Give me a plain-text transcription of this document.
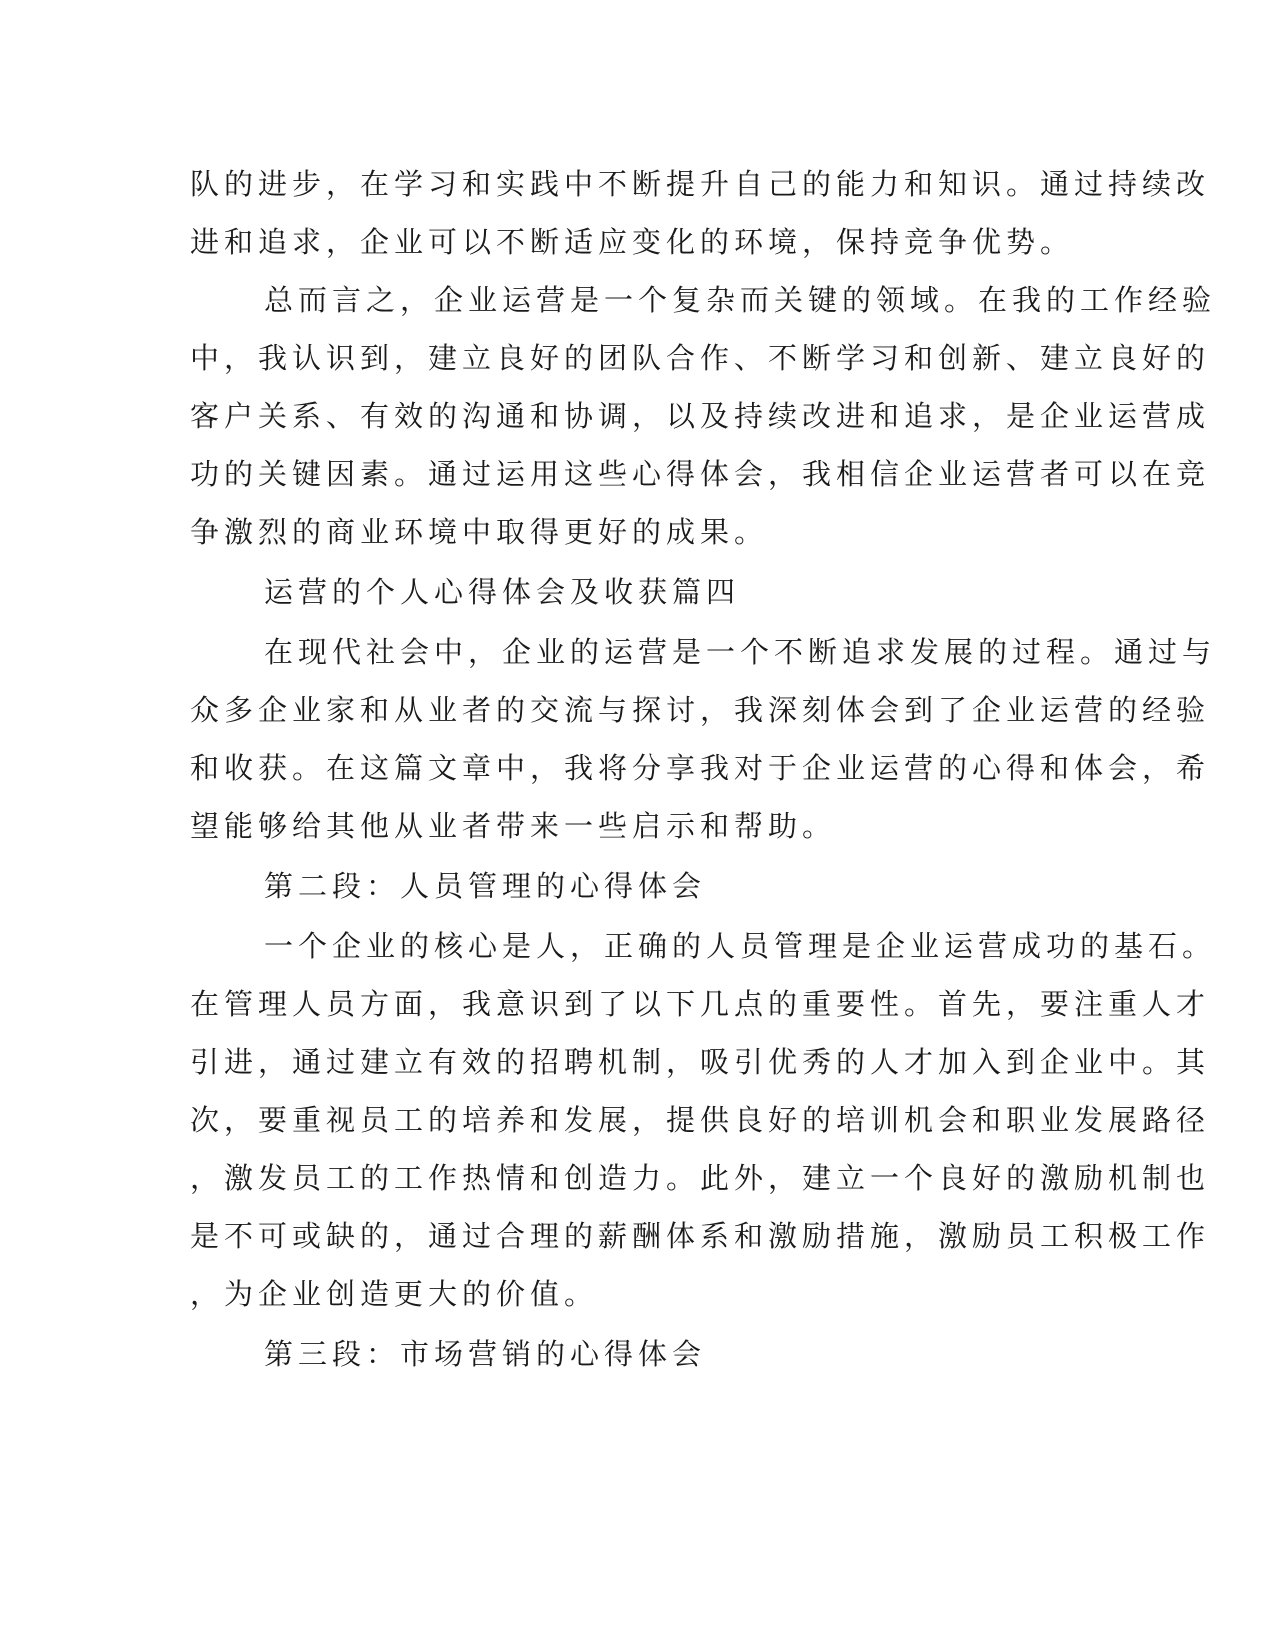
队的进步，在学习和实践中不断提升自己的能力和知识。通过持续改
进和追求，企业可以不断适应变化的环境，保持竞争优势。
总而言之，企业运营是一个复杂而关键的领域。在我的工作经验
中，我认识到，建立良好的团队合作、不断学习和创新、建立良好的
客户关系、有效的沟通和协调，以及持续改进和追求，是企业运营成
功的关键因素。通过运用这些心得体会，我相信企业运营者可以在竞
争激烈的商业环境中取得更好的成果。
运营的个人心得体会及收获篇四
在现代社会中，企业的运营是一个不断追求发展的过程。通过与
众多企业家和从业者的交流与探讨，我深刻体会到了企业运营的经验
和收获。在这篇文章中，我将分享我对于企业运营的心得和体会，希
望能够给其他从业者带来一些启示和帮助。
第二段：人员管理的心得体会
一个企业的核心是人，正确的人员管理是企业运营成功的基石。
在管理人员方面，我意识到了以下几点的重要性。首先，要注重人才
引进，通过建立有效的招聘机制，吸引优秀的人才加入到企业中。其
次，要重视员工的培养和发展，提供良好的培训机会和职业发展路径
，激发员工的工作热情和创造力。此外，建立一个良好的激励机制也
是不可或缺的，通过合理的薪酬体系和激励措施，激励员工积极工作
，为企业创造更大的价值。
第三段：市场营销的心得体会
